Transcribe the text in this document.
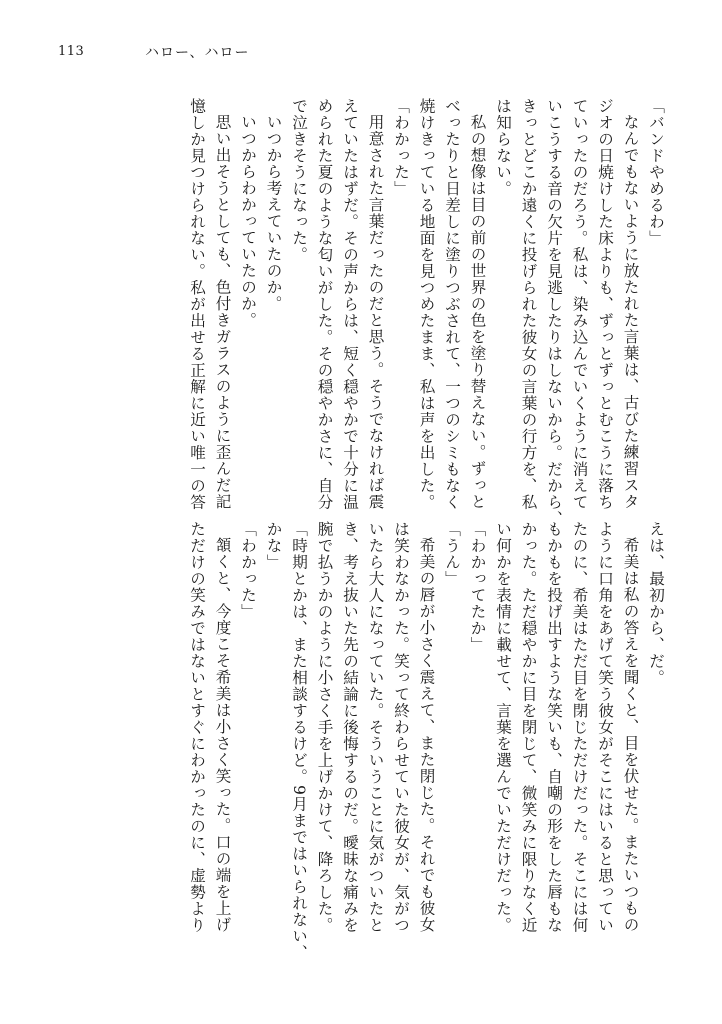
113	ハロー、ハロー

「バンドやめるわ」

なんでもないように放たれた言葉は、古びた練習スタ

ジオの日焼けした床よりも、ずっとずっとむこうに落ち

ていったのだろう。私は、染み込んでいくように消えて

いこうする音の欠片を見逃したりはしないから。だから、

きっとどこか遠くに投げられた彼女の言葉の行方を、私

は知らない。

私の想像は目の前の世界の色を塗り替えない。ずっと

べったりと日差しに塗りつぶされて、一つのシミもなく

焼けきっている地面を見つめたまま、私は声を出した。

「わかった」

用意された言葉だったのだと思う。そうでなければ震

えていたはずだ。その声からは、短く穏やかで十分に温

められた夏のような匂いがした。その穏やかさに、自分

で泣きそうになった。

いつから考えていたのか。

いつからわかっていたのか。

思い出そうとしても、色付きガラスのように歪んだ記

憶しか見つけられない。私が出せる正解に近い唯一の答

えは、最初から、だ。

希美は私の答えを聞くと、目を伏せた。またいつもの

ように口角をあげて笑う彼女がそこにはいると思ってい

たのに、希美はただ目を閉じただけだった。そこには何

もかもを投げ出すような笑いも、自嘲の形をした唇もな

かった。ただ穏やかに目を閉じて、微笑みに限りなく近

い何かを表情に載せて、言葉を選んでいただけだった。

「わかってたか」

「うん」

希美の唇が小さく震えて、また閉じた。それでも彼女

は笑わなかった。笑って終わらせていた彼女が、気がつ

いたら大人になっていた。そういうことに気がついたと

き、考え抜いた先の結論に後悔するのだ。曖昧な痛みを

腕で払うかのように小さく手を上げかけて、降ろした。

「時期とかは、また相談するけど。9月まではいられない、

かな」

「わかった」

頷くと、今度こそ希美は小さく笑った。口の端を上げ

ただけの笑みではないとすぐにわかったのに、虚勢より
